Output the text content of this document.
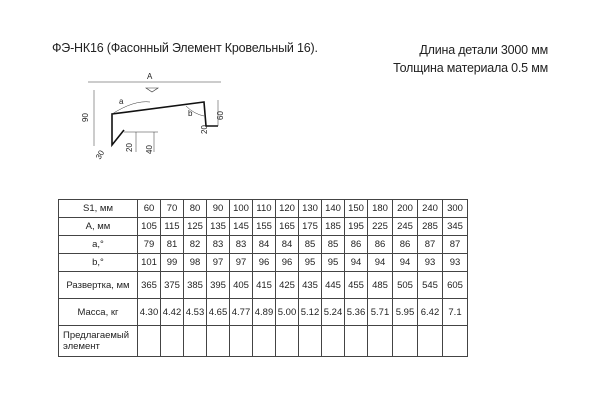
ФЭ-НК16 (Фасонный Элемент Кровельный 16).	Длина детали 3000 мм
Толщина материала 0.5 мм
A
a
b
90	60
20
20 40
30
S1, мм	60	70	80	90	100	110	120	130	140	150	180	200	240	300
A, мм	105	115	125	135	145	155	165	175	185	195	225	245	285	345
a,°	79	81	82	83	83	84	84	85	85	86	86	86	87	87
b,°	101	99	98	97	97	96	96	95	95	94	94	94	93	93
Развертка, мм	365	375	385	395	405	415	425	435	445	455	485	505	545	605
Масса, кг	4.30	4.42	4.53	4.65	4.77	4.89	5.00	5.12	5.24	5.36	5.71	5.95	6.42	7.1
Предлагаемый элемент														
